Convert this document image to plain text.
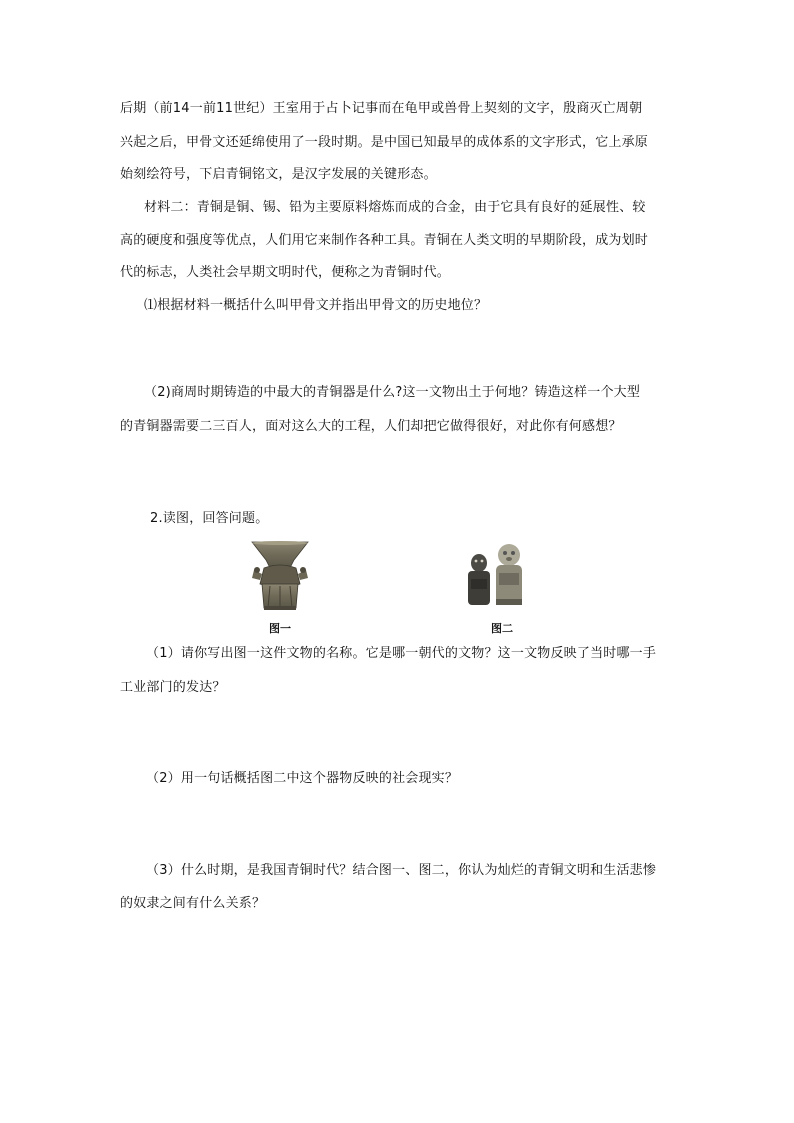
后期（前14一前11世纪）王室用于占卜记事而在龟甲或兽骨上契刻的文字，殷商灭亡周朝
兴起之后，甲骨文还延绵使用了一段时期。是中国已知最早的成体系的文字形式，它上承原
始刻绘符号，下启青铜铭文，是汉字发展的关键形态。
材料二：青铜是铜、锡、铅为主要原料熔炼而成的合金，由于它具有良好的延展性、较
高的硬度和强度等优点，人们用它来制作各种工具。青铜在人类文明的早期阶段，成为划时
代的标志，人类社会早期文明时代，便称之为青铜时代。
⑴根据材料一概括什么叫甲骨文并指出甲骨文的历史地位？
（2)商周时期铸造的中最大的青铜器是什么?这一文物出土于何地？铸造这样一个大型
的青铜器需要二三百人，面对这么大的工程，人们却把它做得很好，对此你有何感想？
2.读图，回答问题。
图一	图二
（1）请你写出图一这件文物的名称。它是哪一朝代的文物？这一文物反映了当时哪一手
工业部门的发达？
（2）用一句话概括图二中这个器物反映的社会现实？
（3）什么时期，是我国青铜时代？结合图一、图二，你认为灿烂的青铜文明和生活悲惨
的奴隶之间有什么关系？
